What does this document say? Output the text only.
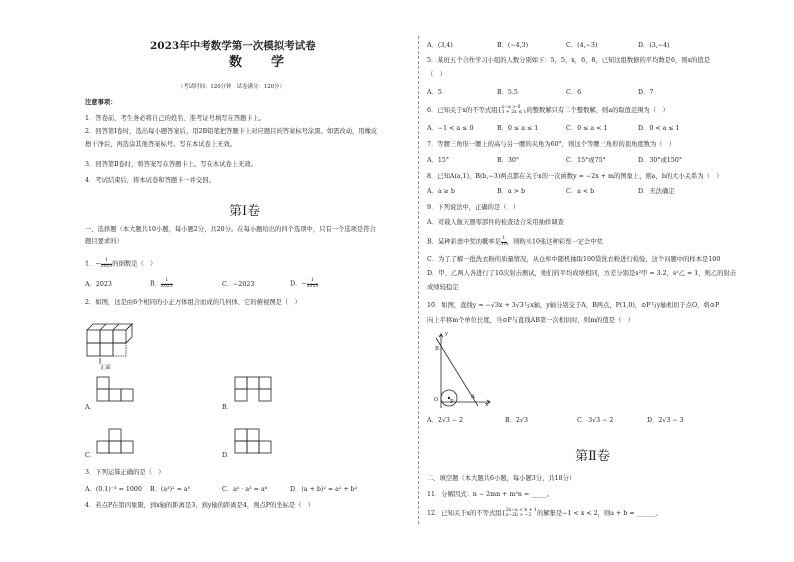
2023年中考数学第一次模拟考试卷
数　学
（考试时间：120分钟　试卷满分：120分）
注意事项：
1．答卷前，考生务必将自己的姓名、准考证号填写在答题卡上。
2．回答第Ⅰ卷时，选出每小题答案后，用2B铅笔把答题卡上对应题目的答案标号涂黑。如需改动，用橡皮
擦干净后，再选涂其他答案标号。写在本试卷上无效。
3．回答第Ⅱ卷时，将答案写在答题卡上。写在本试卷上无效。
4．考试结束后，将本试卷和答题卡一并交回。
第Ⅰ卷
一、选择题（本大题共10小题，每小题2分，共20分。在每小题给出的四个选项中，只有一个选项是符合
题目要求的）
1．− $\frac{1}{2023}$ 的倒数是（　）
A．2023	B． $\frac{1}{2023}$	C．−2023	D．− $\frac{1}{2023}$
2．如图，这是由6个相同的小正方体组合而成的几何体，它的俯视图是（　）
正面
A．	B．
C．	D．
3．下列运算正确的是（　）
A．(0.1)⁻³ = 1000 B．(a³)² = a⁵	C．a² · a³ = a⁶	D．(a + b)² = a² + b²
4．若点P在第四象限，到x轴的距离是3，到y轴的距离是4，则点P的坐标是（　）
A．(3,4)	B．(−4,3)	C．(4,−3)	D．(3,−4)
5．某班五个合作学习小组的人数分别如下：5，5，x，6，8，已知这组数据的平均数是6，则x的值是
（　）
A．5	B．5.5	C．6	D．7
6．已知关于x的不等式组{ x−a > 0
3 + 2x ≤ 1 的整数解只有二个整数解，则a的取值范围为（　）
A．−1 < a ≤ 0	B．0 ≤ a ≤ 1	C．0 ≤ a < 1	D．0 < a ≤ 1
7．等腰三角形一腰上的高与另一腰的夹角为60°，则这个等腰三角形的顶角度数为（　）
A．15°	B．30°	C．15°或75°	D．30°或150°
8．已知A(a,1)，B(b,−3)两点都在关于x的一次函数y = −2x + m的图象上，则a，b的大小关系为（　）
A．a ≥ b	B．a > b	C．a < b	D．无法确定
9．下列说法中，正确的是（　）
A．对载人航天器零部件的检查适合采用抽样调查
B．某种彩票中奖的概率是 $\frac{1}{10}$ ，则购买10张这种彩票一定会中奖
C．为了了解一批洗衣粉的质量情况，从仓库中随机抽取100袋洗衣粉进行检验，这个问题中的样本是100
D．甲、乙两人各进行了10次射击测试，他们的平均成绩相同，方差分别是s²甲 = 3.2，s²乙 = 1，则乙的射击
成绩较稳定
10．如图，直线y = −√3x + 3√3与x轴，y轴分别交于A，B两点，P(1,0)，⊙P与y轴相切于点O，将⊙P
向上平移m个单位长度，当⊙P与直线AB第一次相切时，则m的值是（　）
y
B
O P
A
x
A．2√3 − 2	B．2√3	C．3√3 − 2	D．2√3 − 3
第Ⅱ卷
二、填空题（本大题共6小题，每小题3分，共18分）
11．分解因式：n − 2mn + m²n = _____。
12．已知关于x的不等式组{ 2x−a < b + 1
x−2b > −2 的解集是−1 < x < 2，则a + b = ______。
